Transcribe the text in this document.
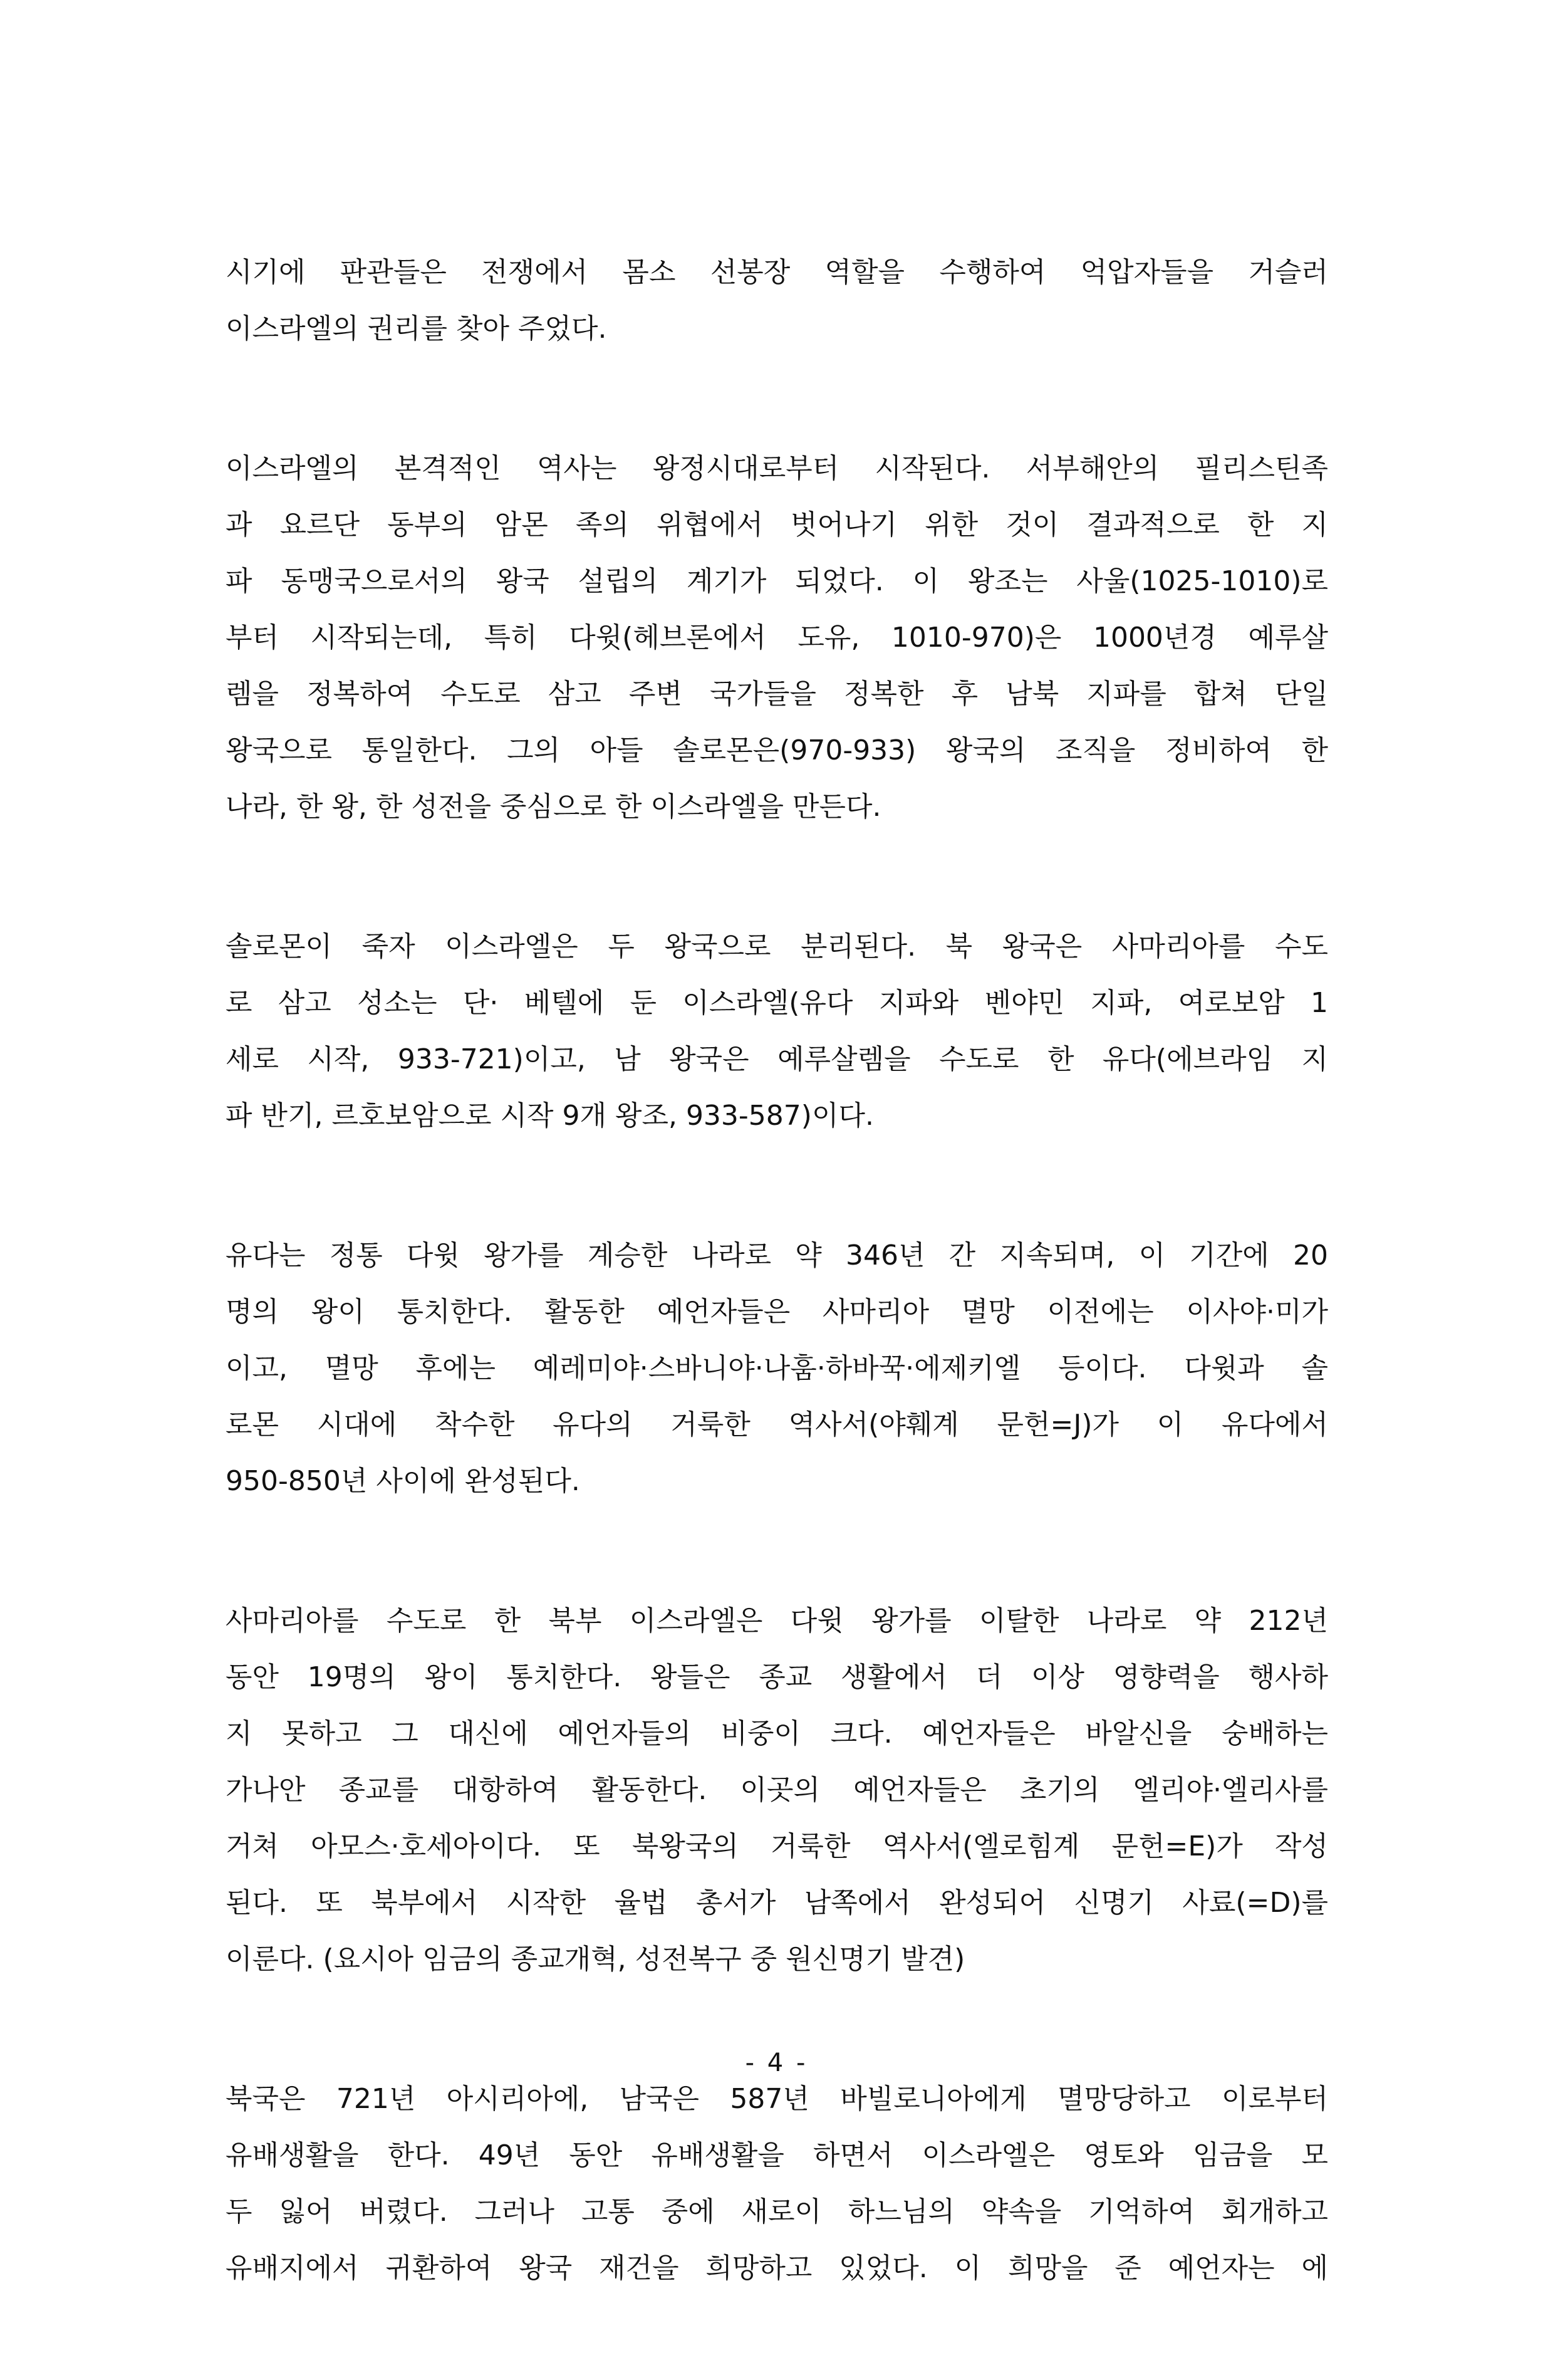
시기에 판관들은 전쟁에서 몸소 선봉장 역할을 수행하여 억압자들을 거슬러
이스라엘의 권리를 찾아 주었다.
이스라엘의 본격적인 역사는 왕정시대로부터 시작된다. 서부해안의 필리스틴족
과 요르단 동부의 암몬 족의 위협에서 벗어나기 위한 것이 결과적으로 한 지
파 동맹국으로서의 왕국 설립의 계기가 되었다. 이 왕조는 사울(1025-1010)로
부터 시작되는데, 특히 다윗(헤브론에서 도유, 1010-970)은 1000년경 예루살
렘을 정복하여 수도로 삼고 주변 국가들을 정복한 후 남북 지파를 합쳐 단일
왕국으로 통일한다. 그의 아들 솔로몬은(970-933) 왕국의 조직을 정비하여 한
나라, 한 왕, 한 성전을 중심으로 한 이스라엘을 만든다.
솔로몬이 죽자 이스라엘은 두 왕국으로 분리된다. 북 왕국은 사마리아를 수도
로 삼고 성소는 단· 베텔에 둔 이스라엘(유다 지파와 벤야민 지파, 여로보암 1
세로 시작, 933-721)이고, 남 왕국은 예루살렘을 수도로 한 유다(에브라임 지
파 반기, 르호보암으로 시작 9개 왕조, 933-587)이다.
유다는 정통 다윗 왕가를 계승한 나라로 약 346년 간 지속되며, 이 기간에 20
명의 왕이 통치한다. 활동한 예언자들은 사마리아 멸망 이전에는 이사야·미가
이고, 멸망 후에는 예레미야·스바니야·나훔·하바꾹·에제키엘 등이다. 다윗과 솔
로몬 시대에 착수한 유다의 거룩한 역사서(야훼계 문헌=J)가 이 유다에서
950-850년 사이에 완성된다.
사마리아를 수도로 한 북부 이스라엘은 다윗 왕가를 이탈한 나라로 약 212년
동안 19명의 왕이 통치한다. 왕들은 종교 생활에서 더 이상 영향력을 행사하
지 못하고 그 대신에 예언자들의 비중이 크다. 예언자들은 바알신을 숭배하는
가나안 종교를 대항하여 활동한다. 이곳의 예언자들은 초기의 엘리야·엘리사를
거쳐 아모스·호세아이다. 또 북왕국의 거룩한 역사서(엘로힘계 문헌=E)가 작성
된다. 또 북부에서 시작한 율법 총서가 남쪽에서 완성되어 신명기 사료(=D)를
이룬다. (요시아 임금의 종교개혁, 성전복구 중 원신명기 발견)
북국은 721년 아시리아에, 남국은 587년 바빌로니아에게 멸망당하고 이로부터
유배생활을 한다. 49년 동안 유배생활을 하면서 이스라엘은 영토와 임금을 모
두 잃어 버렸다. 그러나 고통 중에 새로이 하느님의 약속을 기억하여 회개하고
유배지에서 귀환하여 왕국 재건을 희망하고 있었다. 이 희망을 준 예언자는 에
- 4 -
